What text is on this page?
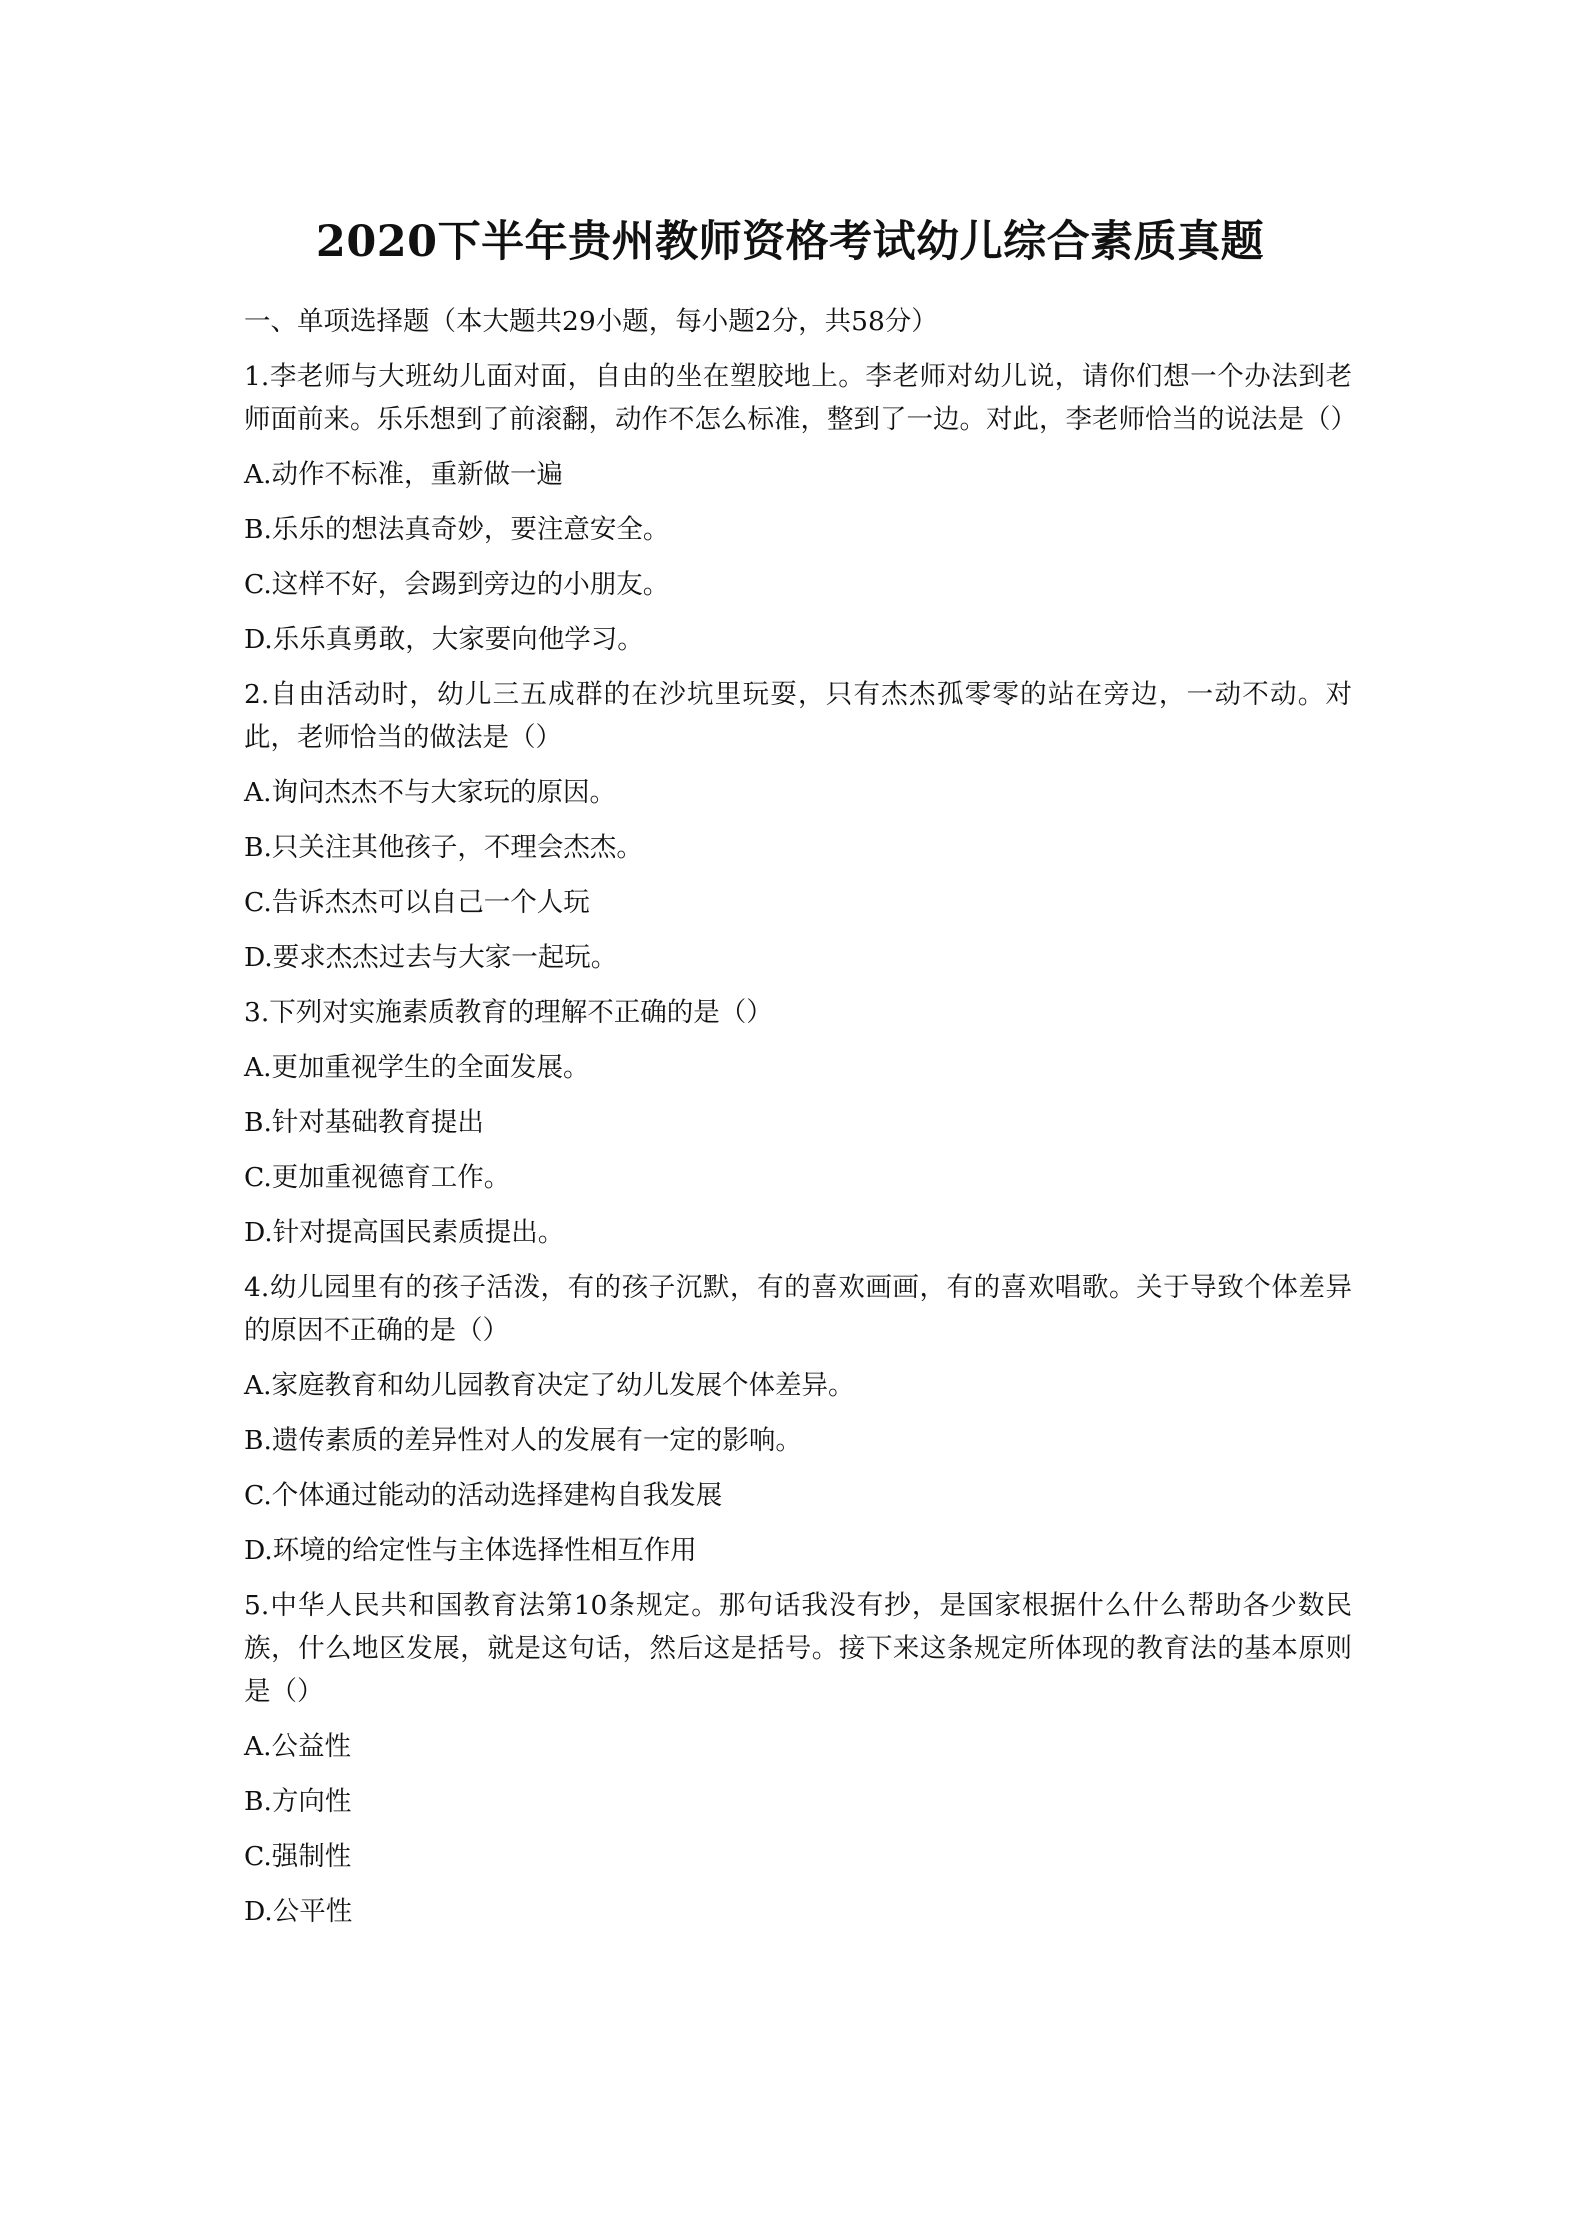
2020下半年贵州教师资格考试幼儿综合素质真题

一、单项选择题（本大题共29小题，每小题2分，共58分）

1.李老师与大班幼儿面对面，自由的坐在塑胶地上。李老师对幼儿说，请你们想一个办法到老师面前来。乐乐想到了前滚翻，动作不怎么标准，整到了一边。对此，李老师恰当的说法是（）

A.动作不标准，重新做一遍

B.乐乐的想法真奇妙，要注意安全。

C.这样不好，会踢到旁边的小朋友。

D.乐乐真勇敢，大家要向他学习。

2.自由活动时，幼儿三五成群的在沙坑里玩耍，只有杰杰孤零零的站在旁边，一动不动。对此，老师恰当的做法是（）

A.询问杰杰不与大家玩的原因。

B.只关注其他孩子，不理会杰杰。

C.告诉杰杰可以自己一个人玩

D.要求杰杰过去与大家一起玩。

3.下列对实施素质教育的理解不正确的是（）

A.更加重视学生的全面发展。

B.针对基础教育提出

C.更加重视德育工作。

D.针对提高国民素质提出。

4.幼儿园里有的孩子活泼，有的孩子沉默，有的喜欢画画，有的喜欢唱歌。关于导致个体差异的原因不正确的是（）

A.家庭教育和幼儿园教育决定了幼儿发展个体差异。

B.遗传素质的差异性对人的发展有一定的影响。

C.个体通过能动的活动选择建构自我发展

D.环境的给定性与主体选择性相互作用

5.中华人民共和国教育法第10条规定。那句话我没有抄，是国家根据什么什么帮助各少数民族，什么地区发展，就是这句话，然后这是括号。接下来这条规定所体现的教育法的基本原则是（）

A.公益性

B.方向性

C.强制性

D.公平性
